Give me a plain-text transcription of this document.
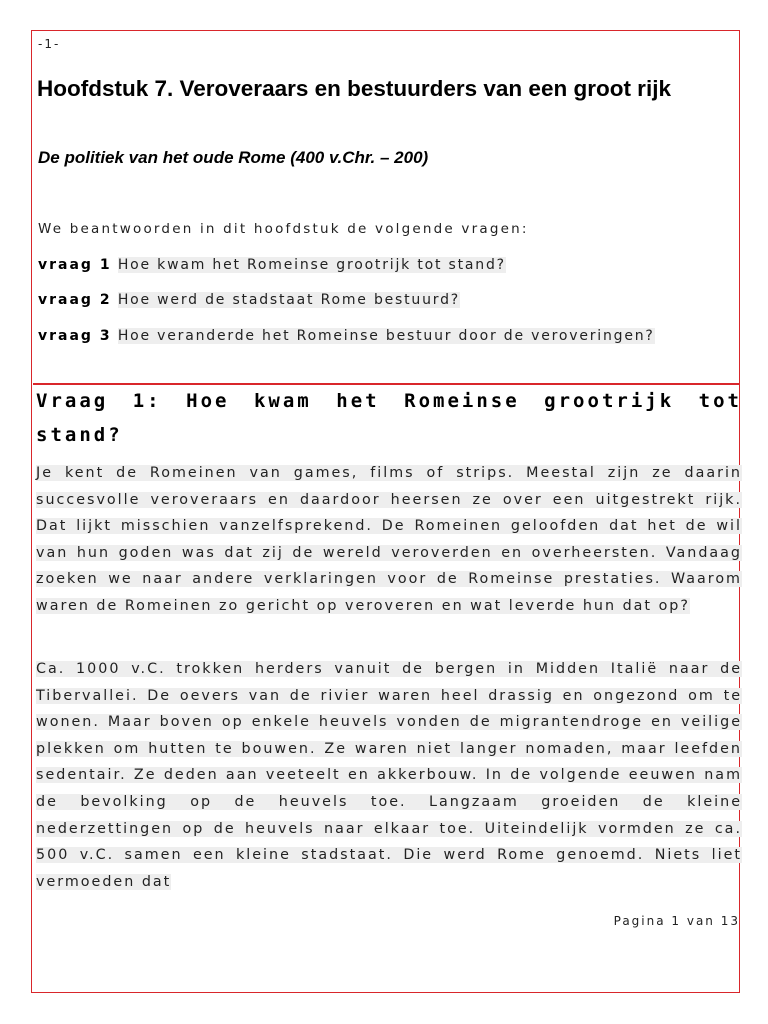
-1-
Hoofdstuk 7. Veroveraars en bestuurders van een groot rijk
De politiek van het oude Rome (400 v.Chr. – 200)
We beantwoorden in dit hoofdstuk de volgende vragen:
vraag 1 Hoe kwam het Romeinse grootrijk tot stand?
vraag 2 Hoe werd de stadstaat Rome bestuurd?
vraag 3 Hoe veranderde het Romeinse bestuur door de veroveringen?
Vraag 1: Hoe kwam het Romeinse grootrijk tot stand?
Je kent de Romeinen van games, films of strips. Meestal zijn ze daarin succesvolle veroveraars en daardoor heersen ze over een uitgestrekt rijk. Dat lijkt misschien vanzelfsprekend. De Romeinen geloofden dat het de wil van hun goden was dat zij de wereld veroverden en overheersten. Vandaag zoeken we naar andere verklaringen voor de Romeinse prestaties. Waarom waren de Romeinen zo gericht op veroveren en wat leverde hun dat op?
Ca. 1000 v.C. trokken herders vanuit de bergen in Midden Italië naar de Tibervallei. De oevers van de rivier waren heel drassig en ongezond om te wonen. Maar boven op enkele heuvels vonden de migrantendroge en veilige plekken om hutten te bouwen. Ze waren niet langer nomaden, maar leefden sedentair. Ze deden aan veeteelt en akkerbouw. In de volgende eeuwen nam de bevolking op de heuvels toe. Langzaam groeiden de kleine nederzettingen op de heuvels naar elkaar toe. Uiteindelijk vormden ze ca. 500 v.C. samen een kleine stadstaat. Die werd Rome genoemd. Niets liet vermoeden dat
Pagina 1 van 13
